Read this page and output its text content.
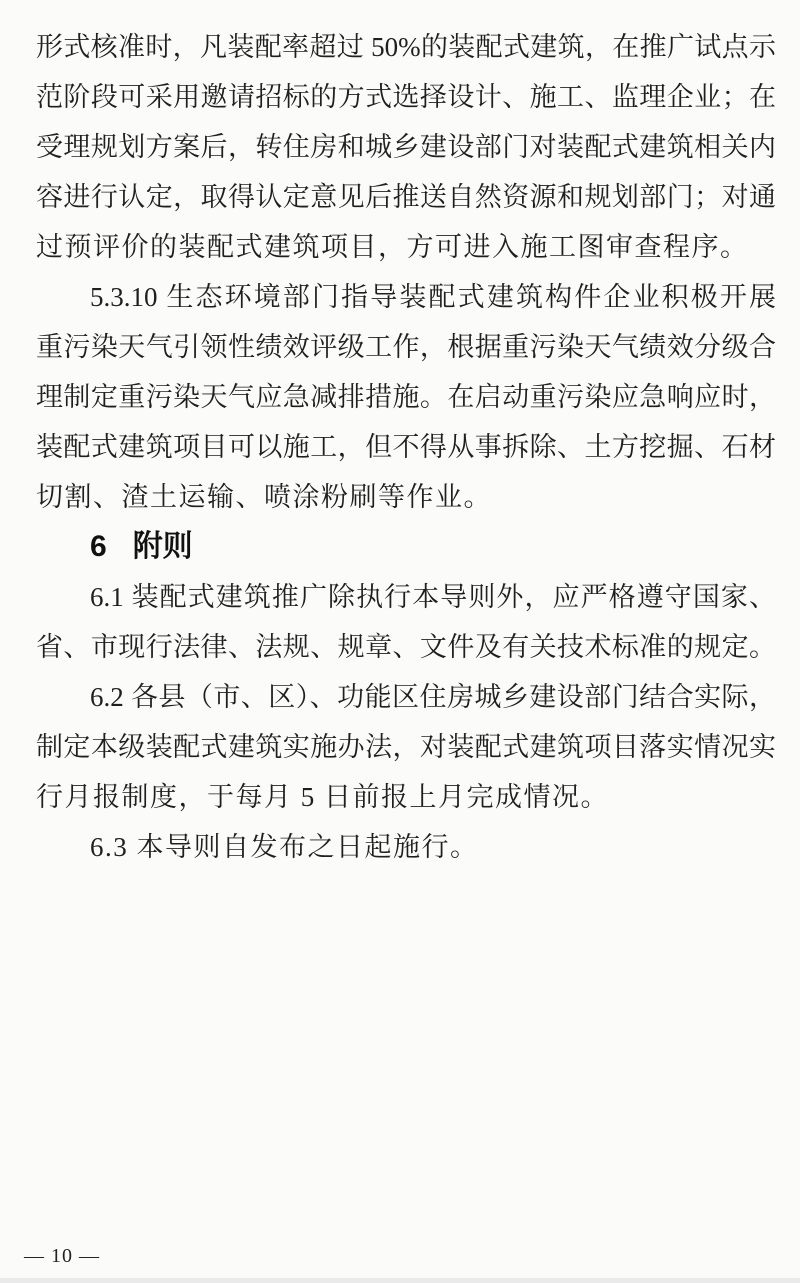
形式核准时，凡装配率超过 50%的装配式建筑，在推广试点示
范阶段可采用邀请招标的方式选择设计、施工、监理企业；在
受理规划方案后，转住房和城乡建设部门对装配式建筑相关内
容进行认定，取得认定意见后推送自然资源和规划部门；对通
过预评价的装配式建筑项目，方可进入施工图审查程序。
5.3.10 生态环境部门指导装配式建筑构件企业积极开展
重污染天气引领性绩效评级工作，根据重污染天气绩效分级合
理制定重污染天气应急减排措施。在启动重污染应急响应时，
装配式建筑项目可以施工，但不得从事拆除、土方挖掘、石材
切割、渣土运输、喷涂粉刷等作业。
6 附则
6.1 装配式建筑推广除执行本导则外，应严格遵守国家、
省、市现行法律、法规、规章、文件及有关技术标准的规定。
6.2 各县（市、区）、功能区住房城乡建设部门结合实际，
制定本级装配式建筑实施办法，对装配式建筑项目落实情况实
行月报制度，于每月 5 日前报上月完成情况。
6.3 本导则自发布之日起施行。
— 10 —
